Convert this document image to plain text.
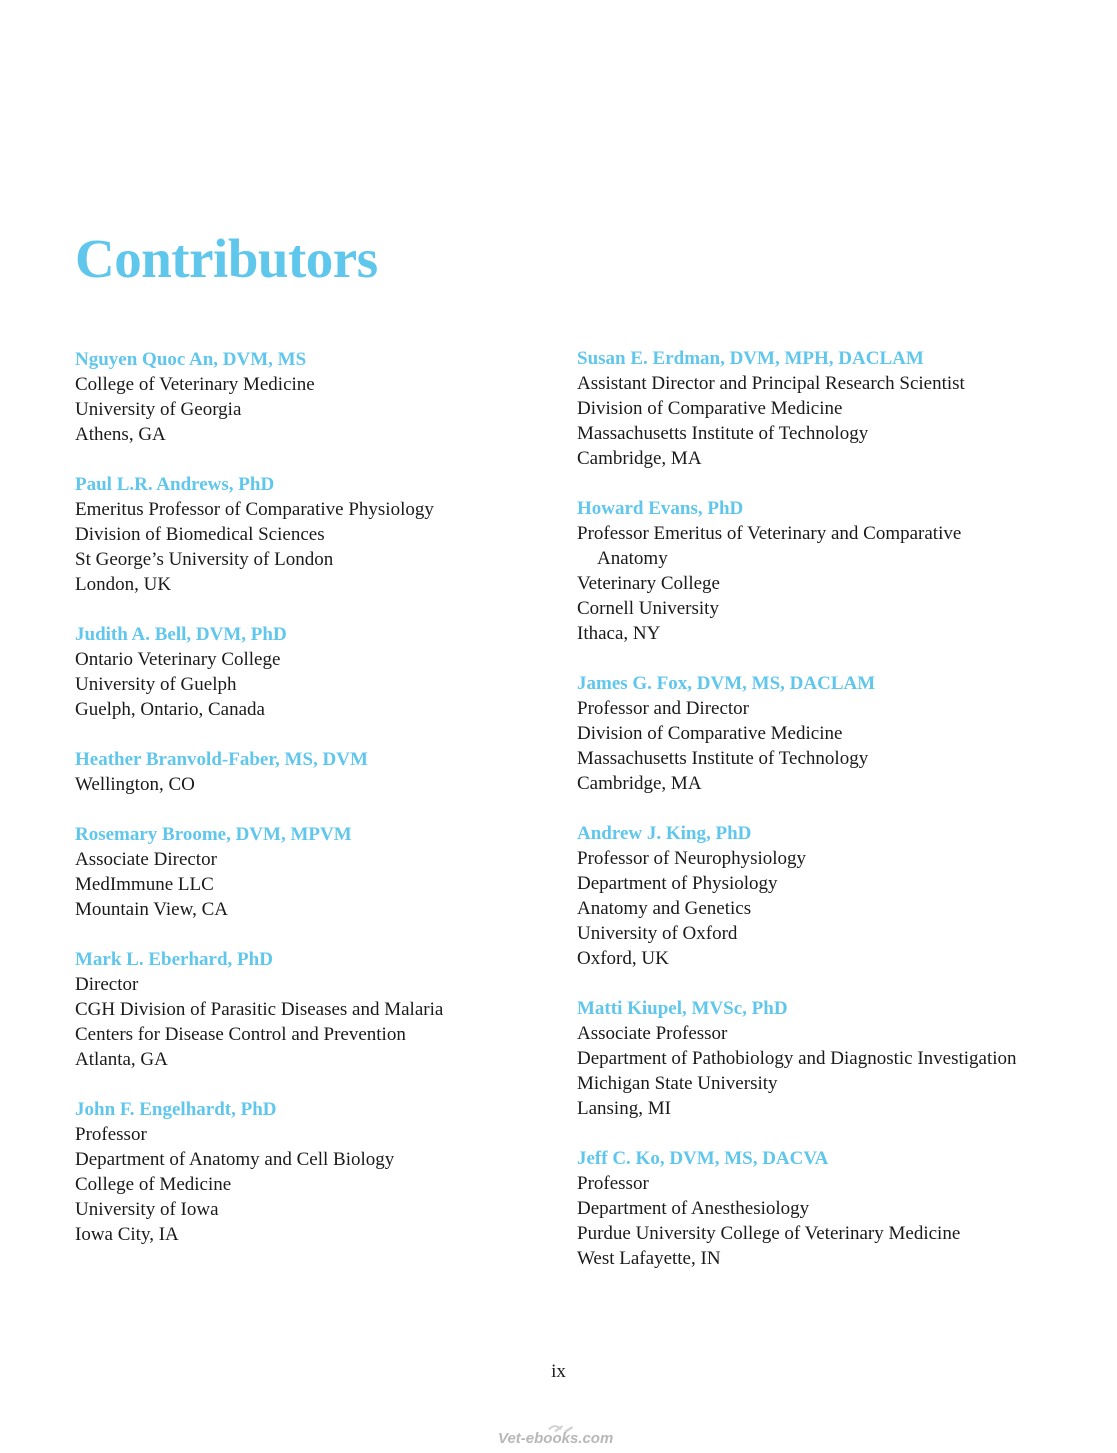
Contributors
Nguyen Quoc An, DVM, MS
College of Veterinary Medicine
University of Georgia
Athens, GA
Paul L.R. Andrews, PhD
Emeritus Professor of Comparative Physiology
Division of Biomedical Sciences
St George’s University of London
London, UK
Judith A. Bell, DVM, PhD
Ontario Veterinary College
University of Guelph
Guelph, Ontario, Canada
Heather Branvold-Faber, MS, DVM
Wellington, CO
Rosemary Broome, DVM, MPVM
Associate Director
MedImmune LLC
Mountain View, CA
Mark L. Eberhard, PhD
Director
CGH Division of Parasitic Diseases and Malaria
Centers for Disease Control and Prevention
Atlanta, GA
John F. Engelhardt, PhD
Professor
Department of Anatomy and Cell Biology
College of Medicine
University of Iowa
Iowa City, IA
Susan E. Erdman, DVM, MPH, DACLAM
Assistant Director and Principal Research Scientist
Division of Comparative Medicine
Massachusetts Institute of Technology
Cambridge, MA
Howard Evans, PhD
Professor Emeritus of Veterinary and Comparative
Anatomy
Veterinary College
Cornell University
Ithaca, NY
James G. Fox, DVM, MS, DACLAM
Professor and Director
Division of Comparative Medicine
Massachusetts Institute of Technology
Cambridge, MA
Andrew J. King, PhD
Professor of Neurophysiology
Department of Physiology
Anatomy and Genetics
University of Oxford
Oxford, UK
Matti Kiupel, MVSc, PhD
Associate Professor
Department of Pathobiology and Diagnostic Investigation
Michigan State University
Lansing, MI
Jeff C. Ko, DVM, MS, DACVA
Professor
Department of Anesthesiology
Purdue University College of Veterinary Medicine
West Lafayette, IN
ix
Vet-ebooks.com
